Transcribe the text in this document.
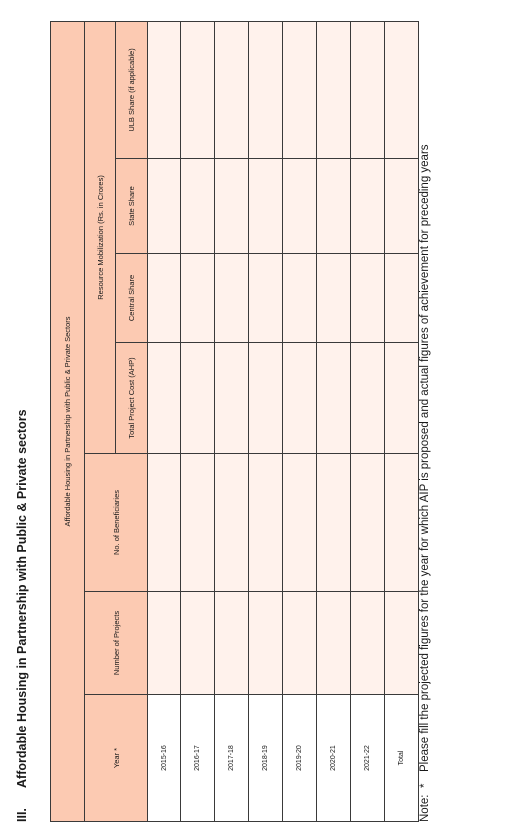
III.Affordable Housing in Partnership with Public & Private sectors	Affordable Housing in Partnership with Public & Private Sectors						
Year *	Number of Projects	No. of Beneficiaries	Resource Mobilization (Rs. in Crores)			
			Total Project Cost (AHP)	Central Share	State Share	ULB Share (if applicable)
2015-16						
2016-17						
2017-18						
2018-19						
2019-20						
2020-21						
2021-22						
Total						
Note:*Please fill the projected figures for the year for which AIP is proposed and actual figures of achievement for preceding years
